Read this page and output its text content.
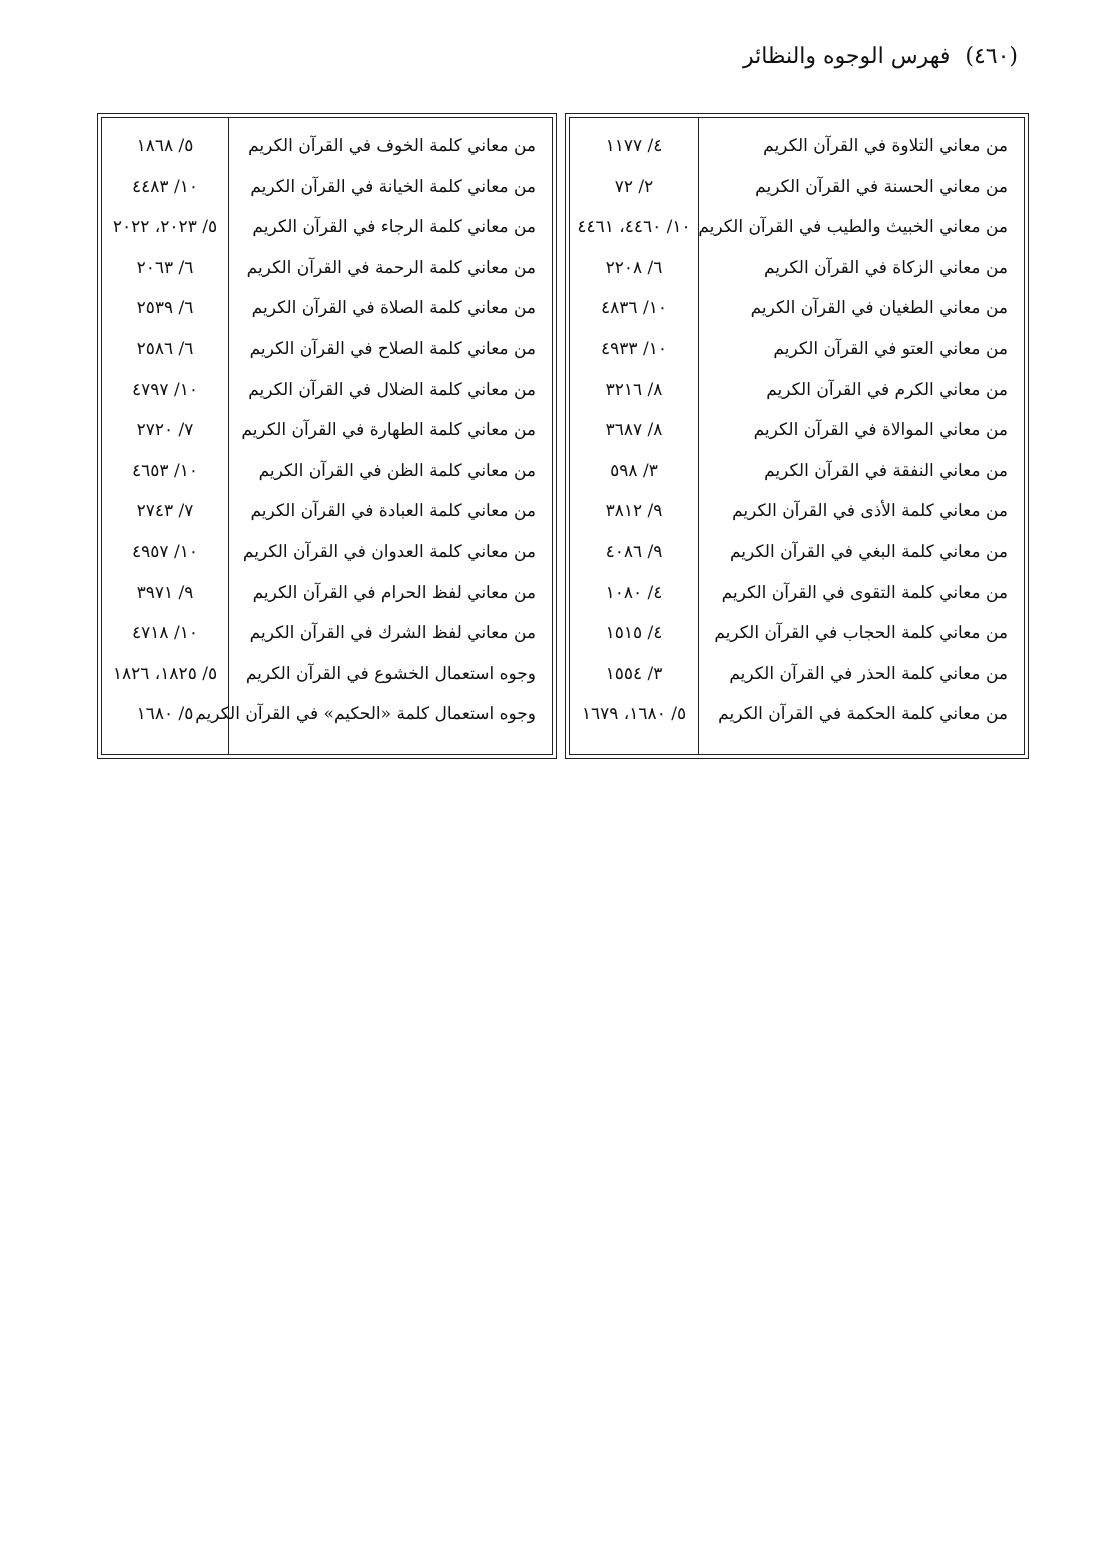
(٤٦٠) فهرس الوجوه والنظائر
من معاني التلاوة في القرآن الكريم
٤/ ١١٧٧
من معاني الحسنة في القرآن الكريم
٢/ ٧٢
من معاني الخبيث والطيب في القرآن الكريم
١٠/ ٤٤٦٠، ٤٤٦١
من معاني الزكاة في القرآن الكريم
٦/ ٢٢٠٨
من معاني الطغيان في القرآن الكريم
١٠/ ٤٨٣٦
من معاني العتو في القرآن الكريم
١٠/ ٤٩٣٣
من معاني الكرم في القرآن الكريم
٨/ ٣٢١٦
من معاني الموالاة في القرآن الكريم
٨/ ٣٦٨٧
من معاني النفقة في القرآن الكريم
٣/ ٥٩٨
من معاني كلمة الأذى في القرآن الكريم
٩/ ٣٨١٢
من معاني كلمة البغي في القرآن الكريم
٩/ ٤٠٨٦
من معاني كلمة التقوى في القرآن الكريم
٤/ ١٠٨٠
من معاني كلمة الحجاب في القرآن الكريم
٤/ ١٥١٥
من معاني كلمة الحذر في القرآن الكريم
٣/ ١٥٥٤
من معاني كلمة الحكمة في القرآن الكريم
٥/ ١٦٨٠، ١٦٧٩
من معاني كلمة الخوف في القرآن الكريم
٥/ ١٨٦٨
من معاني كلمة الخيانة في القرآن الكريم
١٠/ ٤٤٨٣
من معاني كلمة الرجاء في القرآن الكريم
٥/ ٢٠٢٣، ٢٠٢٢
من معاني كلمة الرحمة في القرآن الكريم
٦/ ٢٠٦٣
من معاني كلمة الصلاة في القرآن الكريم
٦/ ٢٥٣٩
من معاني كلمة الصلاح في القرآن الكريم
٦/ ٢٥٨٦
من معاني كلمة الضلال في القرآن الكريم
١٠/ ٤٧٩٧
من معاني كلمة الطهارة في القرآن الكريم
٧/ ٢٧٢٠
من معاني كلمة الظن في القرآن الكريم
١٠/ ٤٦٥٣
من معاني كلمة العبادة في القرآن الكريم
٧/ ٢٧٤٣
من معاني كلمة العدوان في القرآن الكريم
١٠/ ٤٩٥٧
من معاني لفظ الحرام في القرآن الكريم
٩/ ٣٩٧١
من معاني لفظ الشرك في القرآن الكريم
١٠/ ٤٧١٨
وجوه استعمال الخشوع في القرآن الكريم
٥/ ١٨٢٥، ١٨٢٦
وجوه استعمال كلمة «الحكيم» في القرآن الكريم
٥/ ١٦٨٠
